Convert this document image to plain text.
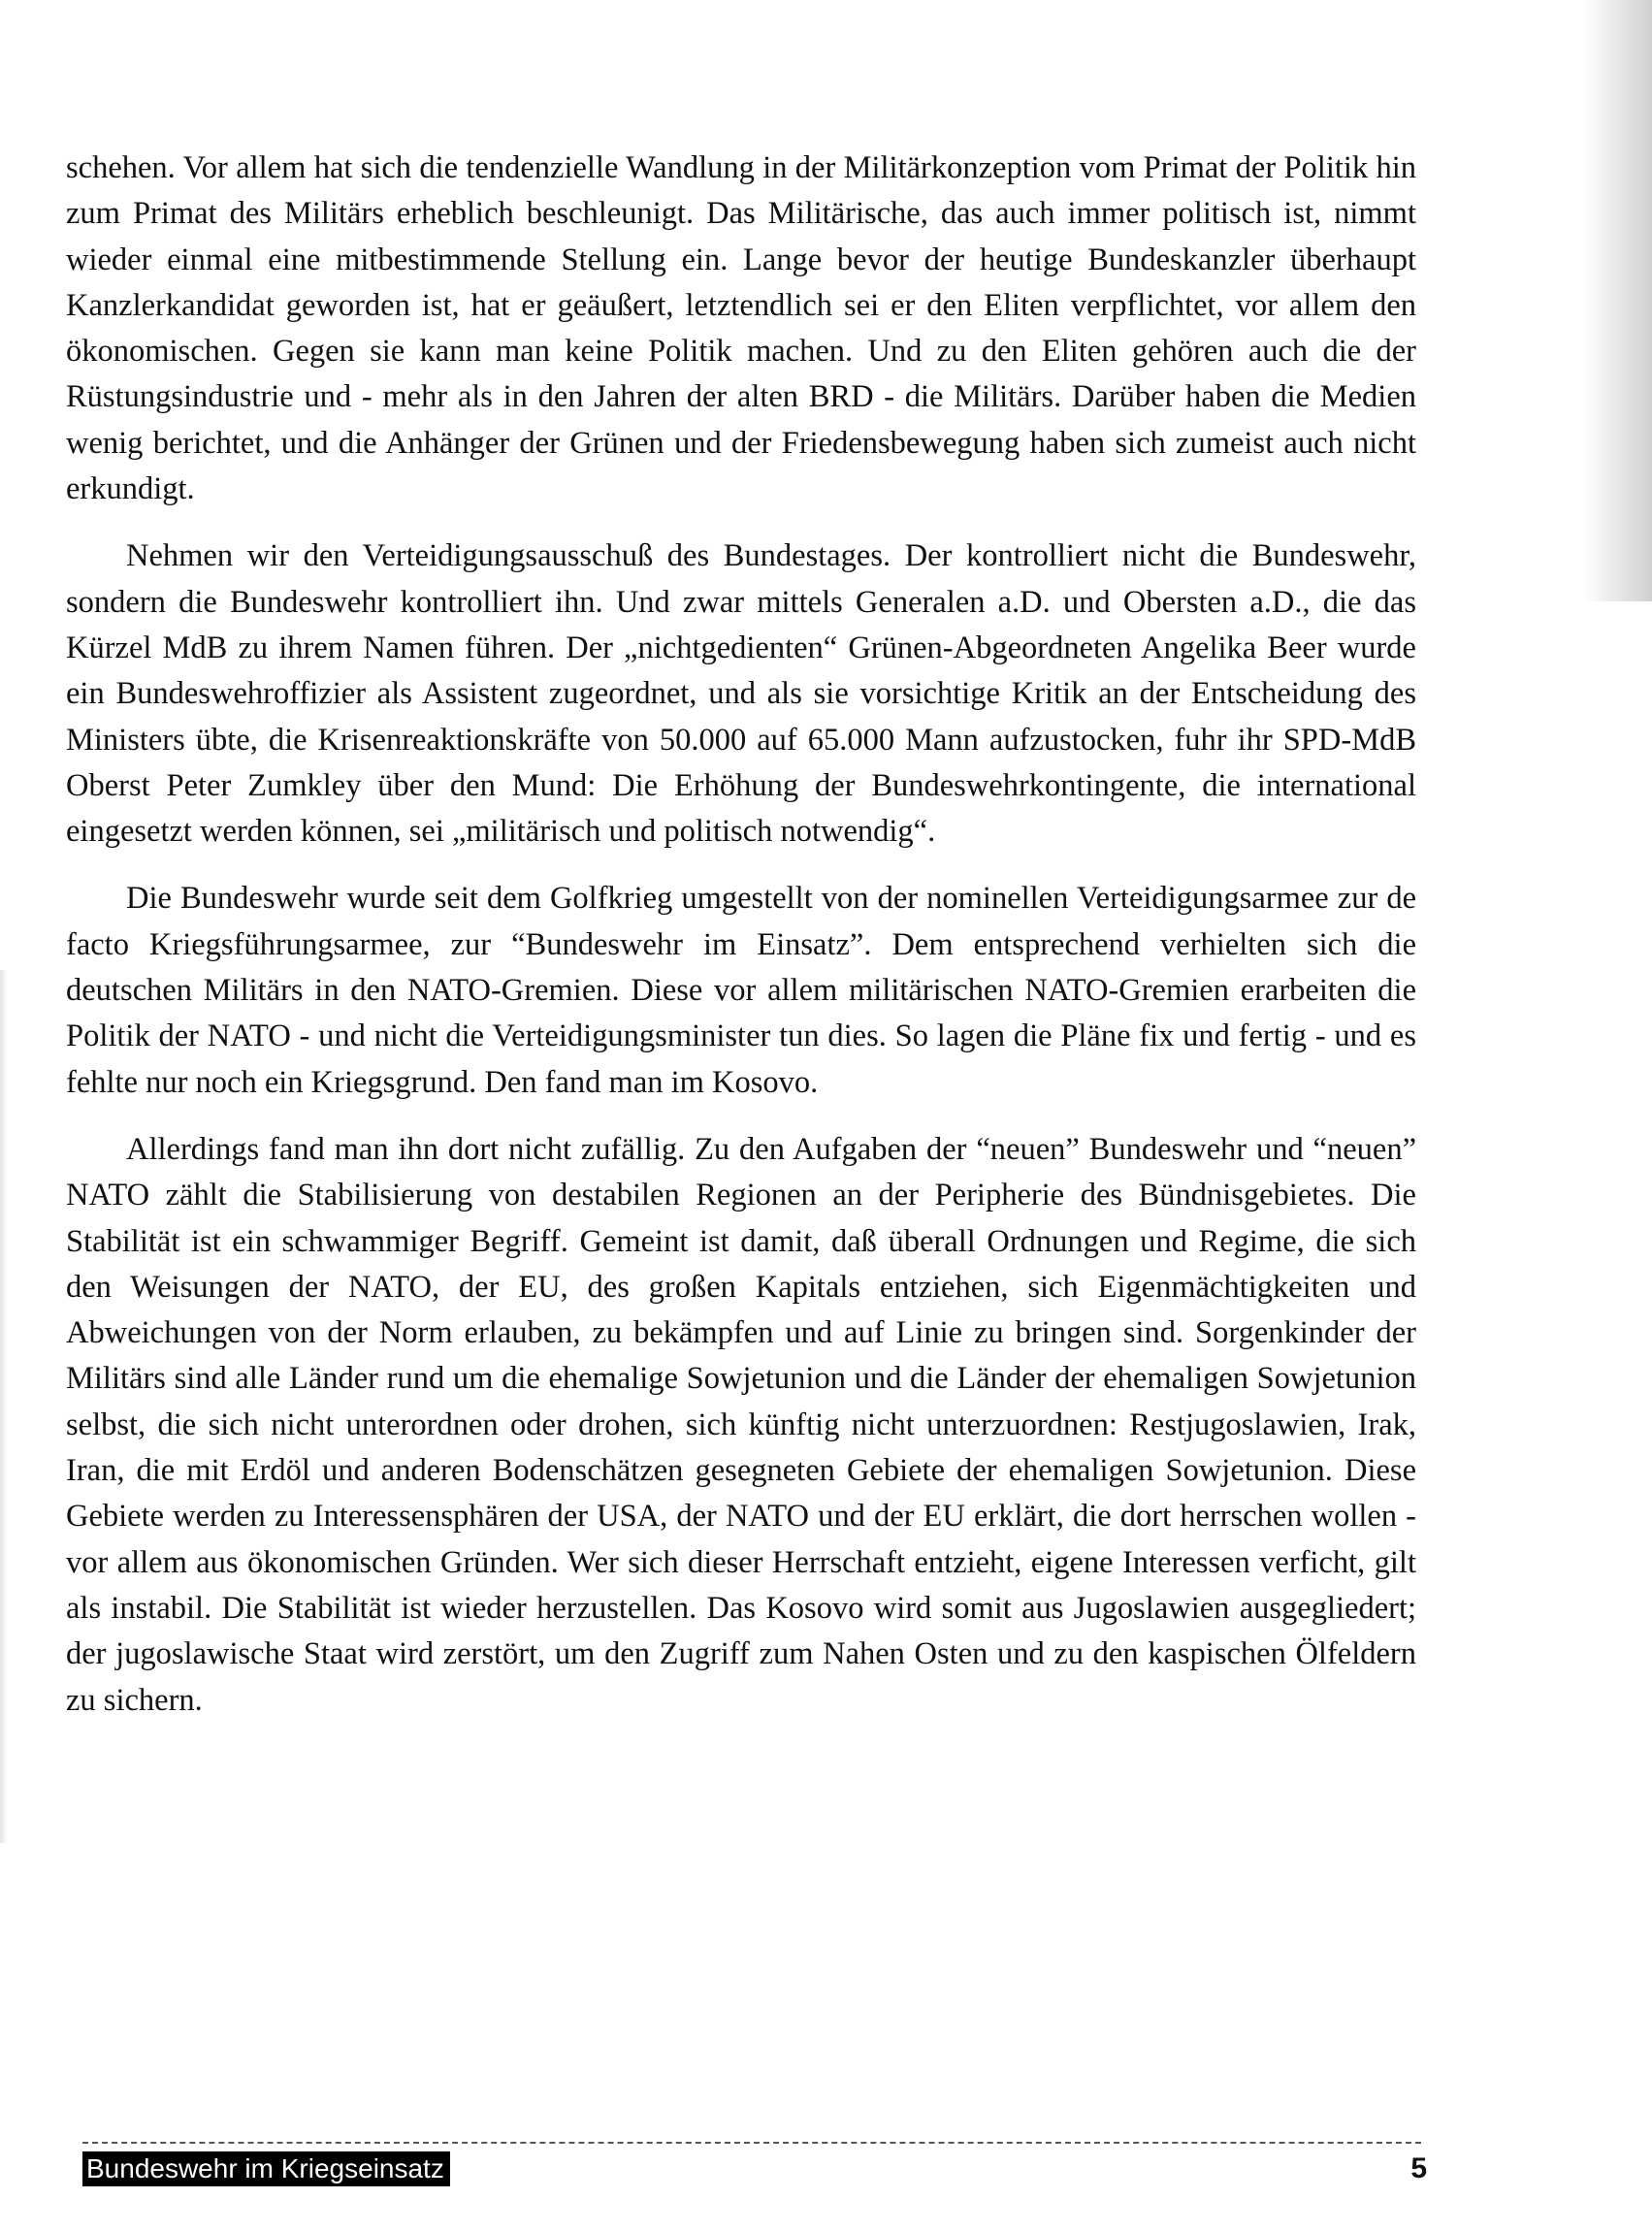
schehen. Vor allem hat sich die tendenzielle Wandlung in der Militärkonzeption vom Primat der Politik hin zum Primat des Militärs erheblich beschleunigt. Das Militärische, das auch immer politisch ist, nimmt wieder einmal eine mitbestimmende Stellung ein. Lange bevor der heutige Bundeskanzler überhaupt Kanzlerkandidat geworden ist, hat er geäußert, letztendlich sei er den Eliten verpflichtet, vor allem den ökonomischen. Gegen sie kann man keine Politik machen. Und zu den Eliten gehören auch die der Rüstungsindustrie und - mehr als in den Jahren der alten BRD - die Militärs. Darüber haben die Medien wenig berichtet, und die Anhänger der Grünen und der Friedensbewegung haben sich zumeist auch nicht erkundigt.

Nehmen wir den Verteidigungsausschuß des Bundestages. Der kontrolliert nicht die Bundeswehr, sondern die Bundeswehr kontrolliert ihn. Und zwar mittels Generalen a.D. und Obersten a.D., die das Kürzel MdB zu ihrem Namen führen. Der „nichtgedienten“ Grünen-Abgeordneten Angelika Beer wurde ein Bundeswehroffizier als Assistent zugeordnet, und als sie vorsichtige Kritik an der Entscheidung des Ministers übte, die Krisenreaktionskräfte von 50.000 auf 65.000 Mann aufzustocken, fuhr ihr SPD-MdB Oberst Peter Zumkley über den Mund: Die Erhöhung der Bundeswehrkontingente, die international eingesetzt werden können, sei „militärisch und politisch notwendig“.

Die Bundeswehr wurde seit dem Golfkrieg umgestellt von der nominellen Verteidigungsarmee zur de facto Kriegsführungsarmee, zur “Bundeswehr im Einsatz”. Dem entsprechend verhielten sich die deutschen Militärs in den NATO-Gremien. Diese vor allem militärischen NATO-Gremien erarbeiten die Politik der NATO - und nicht die Verteidigungsminister tun dies. So lagen die Pläne fix und fertig - und es fehlte nur noch ein Kriegsgrund. Den fand man im Kosovo.

Allerdings fand man ihn dort nicht zufällig. Zu den Aufgaben der “neuen” Bundeswehr und “neuen” NATO zählt die Stabilisierung von destabilen Regionen an der Peripherie des Bündnisgebietes. Die Stabilität ist ein schwammiger Begriff. Gemeint ist damit, daß überall Ordnungen und Regime, die sich den Weisungen der NATO, der EU, des großen Kapitals entziehen, sich Eigenmächtigkeiten und Abweichungen von der Norm erlauben, zu bekämpfen und auf Linie zu bringen sind. Sorgenkinder der Militärs sind alle Länder rund um die ehemalige Sowjetunion und die Länder der ehemaligen Sowjetunion selbst, die sich nicht unterordnen oder drohen, sich künftig nicht unterzuordnen: Restjugoslawien, Irak, Iran, die mit Erdöl und anderen Bodenschätzen gesegneten Gebiete der ehemaligen Sowjetunion. Diese Gebiete werden zu Interessensphären der USA, der NATO und der EU erklärt, die dort herrschen wollen - vor allem aus ökonomischen Gründen. Wer sich dieser Herrschaft entzieht, eigene Interessen verficht, gilt als instabil. Die Stabilität ist wieder herzustellen. Das Kosovo wird somit aus Jugoslawien ausgegliedert; der jugoslawische Staat wird zerstört, um den Zugriff zum Nahen Osten und zu den kaspischen Ölfeldern zu sichern.

Bundeswehr im Kriegseinsatz	5
